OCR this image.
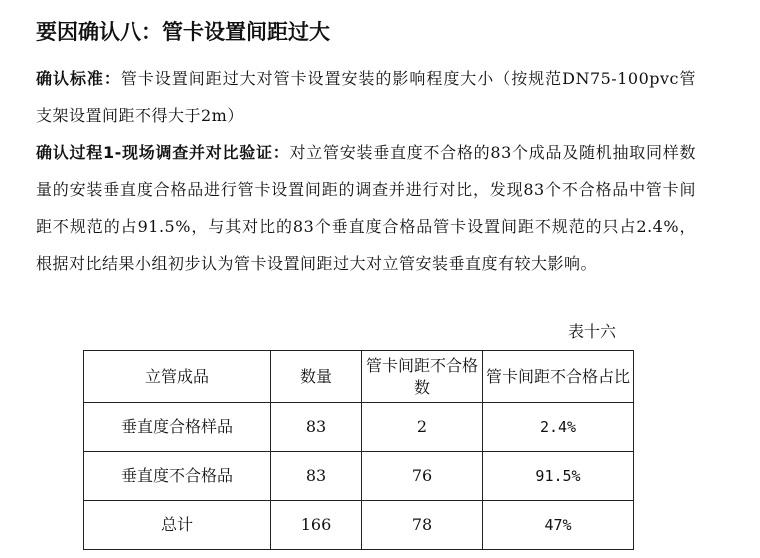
要因确认八：管卡设置间距过大

确认标准：管卡设置间距过大对管卡设置安装的影响程度大小（按规范DN75-100pvc管支架设置间距不得大于2m）

确认过程1-现场调查并对比验证：对立管安装垂直度不合格的83个成品及随机抽取同样数量的安装垂直度合格品进行管卡设置间距的调查并进行对比，发现83个不合格品中管卡间距不规范的占91.5%，与其对比的83个垂直度合格品管卡设置间距不规范的只占2.4%，根据对比结果小组初步认为管卡设置间距过大对立管安装垂直度有较大影响。

表十六
立管成品	数量	管卡间距不合格数	管卡间距不合格占比
垂直度合格样品	83	2	2.4%
垂直度不合格品	83	76	91.5%
总计	166	78	47%
